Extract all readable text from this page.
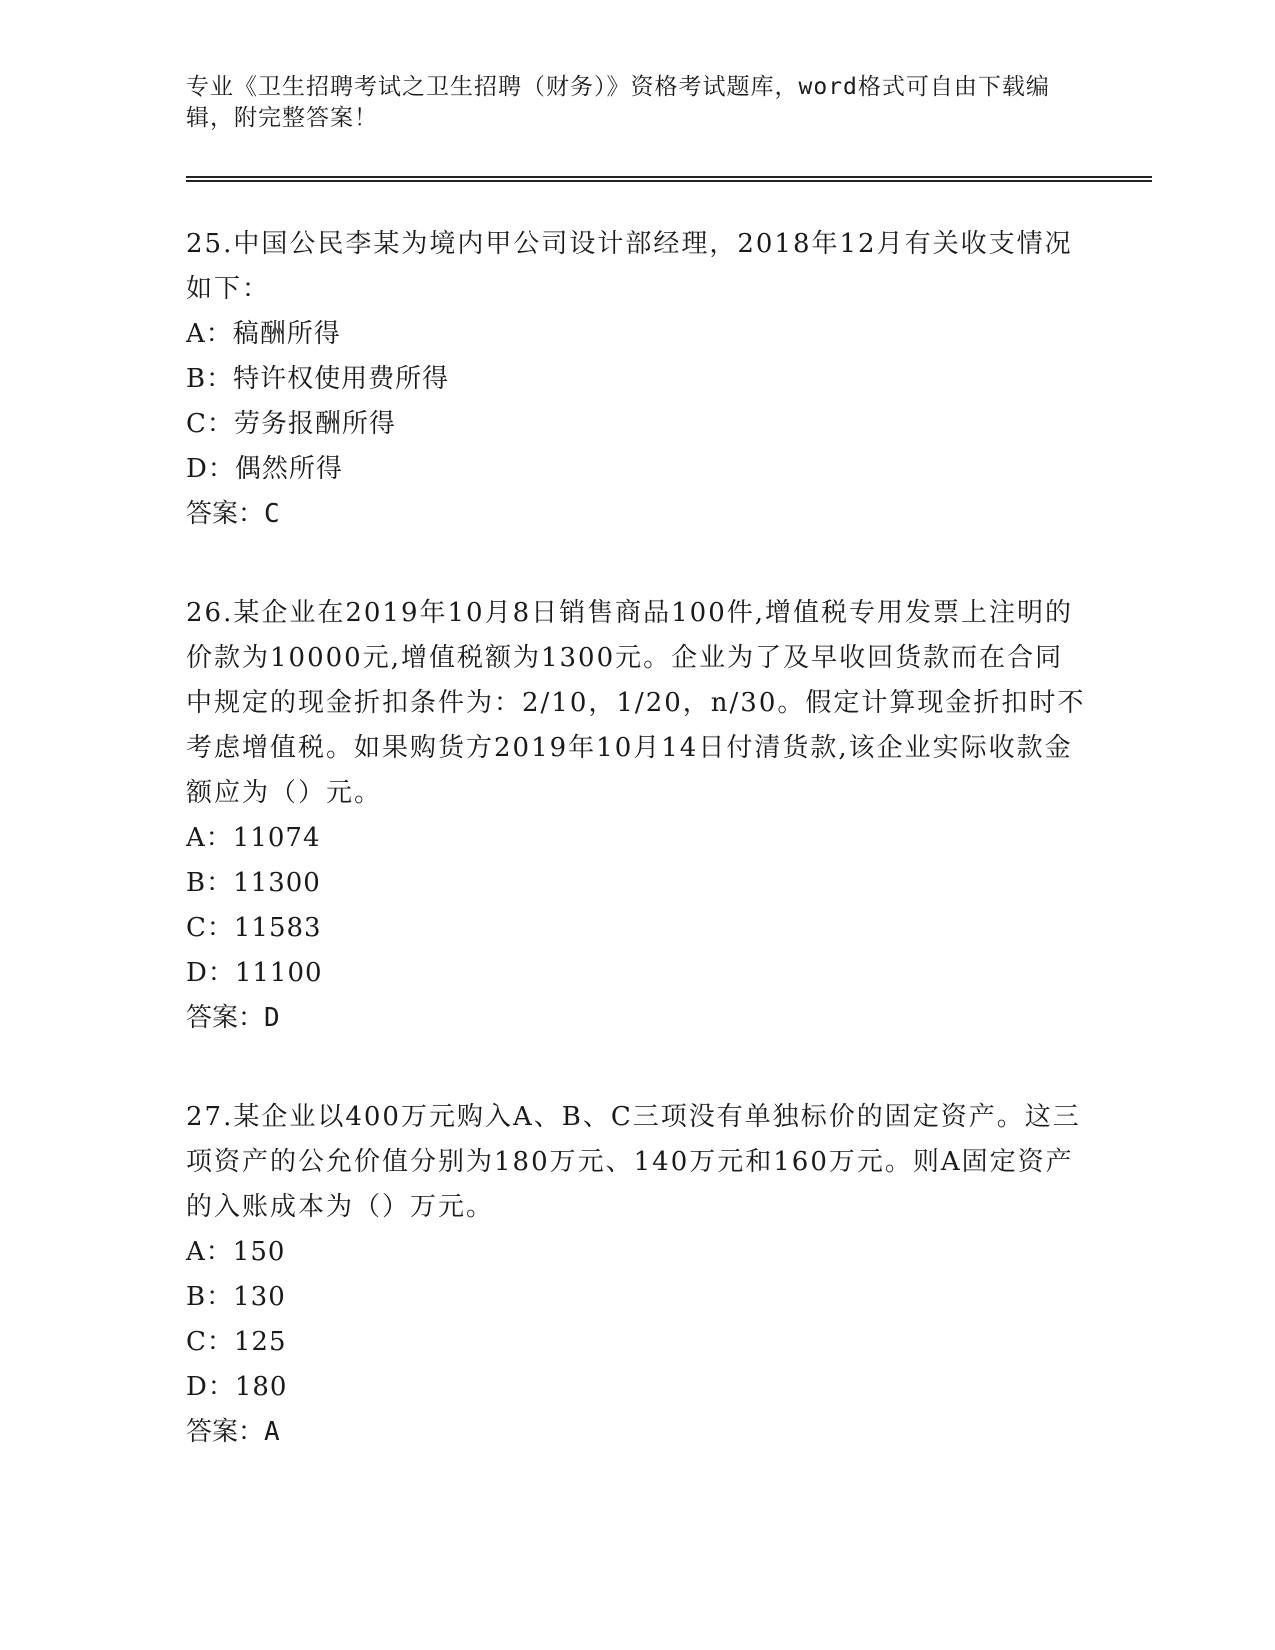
专业《卫生招聘考试之卫生招聘（财务）》资格考试题库，word格式可自由下载编辑，附完整答案！

25.中国公民李某为境内甲公司设计部经理，2018年12月有关收支情况如下：

A：稿酬所得

B：特许权使用费所得

C：劳务报酬所得

D：偶然所得

答案：C

26.某企业在2019年10月8日销售商品100件,增值税专用发票上注明的价款为10000元,增值税额为1300元。企业为了及早收回货款而在合同中规定的现金折扣条件为：2/10，1/20，n/30。假定计算现金折扣时不考虑增值税。如果购货方2019年10月14日付清货款,该企业实际收款金额应为（）元。

A：11074

B：11300

C：11583

D：11100

答案：D

27.某企业以400万元购入A、B、C三项没有单独标价的固定资产。这三项资产的公允价值分别为180万元、140万元和160万元。则A固定资产的入账成本为（）万元。

A：150

B：130

C：125

D：180

答案：A
